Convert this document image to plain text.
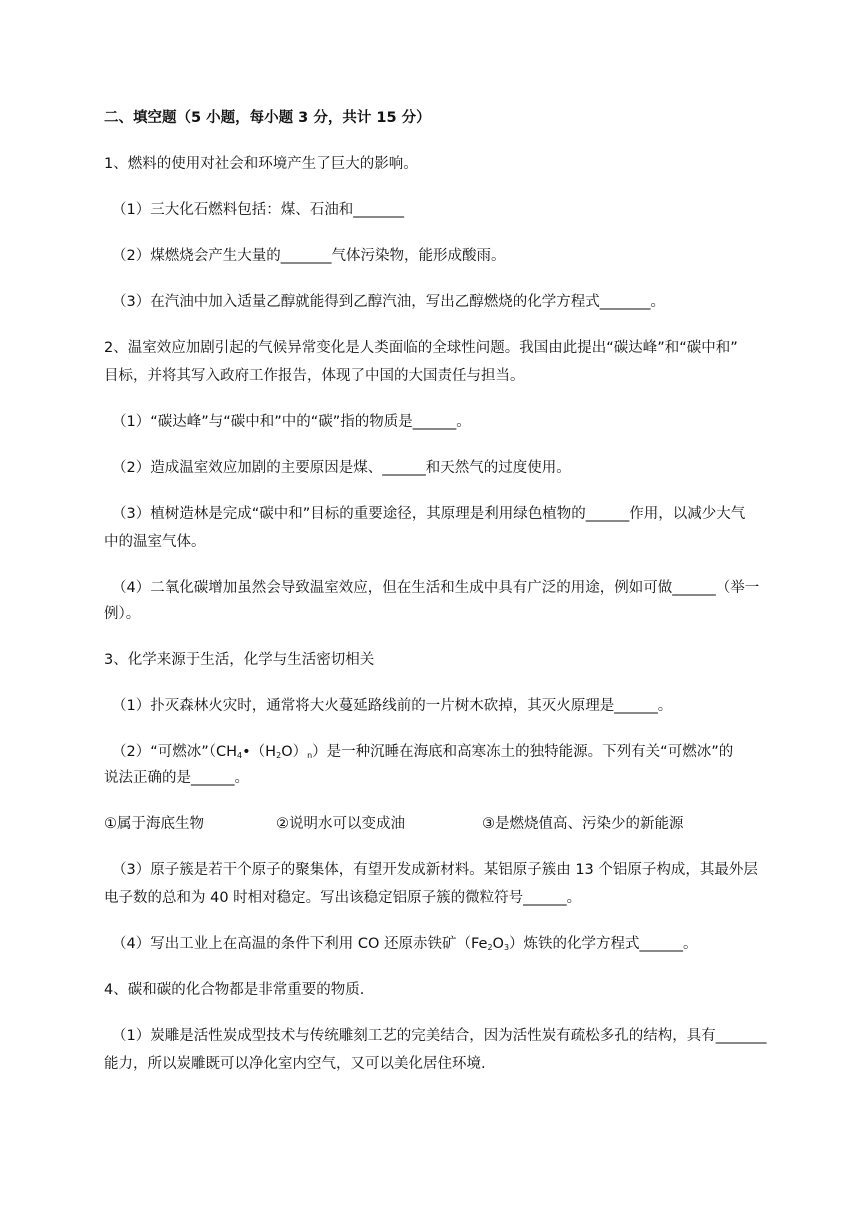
二、填空题（5 小题，每小题 3 分，共计 15 分）
1、燃料的使用对社会和环境产生了巨大的影响。
（1）三大化石燃料包括：煤、石油和_______
（2）煤燃烧会产生大量的_______气体污染物，能形成酸雨。
（3）在汽油中加入适量乙醇就能得到乙醇汽油，写出乙醇燃烧的化学方程式_______。
2、温室效应加剧引起的气候异常变化是人类面临的全球性问题。我国由此提出“碳达峰”和“碳中和”
目标，并将其写入政府工作报告，体现了中国的大国责任与担当。
（1）“碳达峰”与“碳中和”中的“碳”指的物质是______。
（2）造成温室效应加剧的主要原因是煤、______和天然气的过度使用。
（3）植树造林是完成“碳中和”目标的重要途径，其原理是利用绿色植物的______作用，以减少大气
中的温室气体。
（4）二氧化碳增加虽然会导致温室效应，但在生活和生成中具有广泛的用途，例如可做______（举一
例）。
3、化学来源于生活，化学与生活密切相关
（1）扑灭森林火灾时，通常将大火蔓延路线前的一片树木砍掉，其灭火原理是______。
（2）“可燃冰$”(CH_4•(H_2O)_n)$是一种沉睡在海底和高寒冻土的独特能源。下列有关“可燃冰”的
说法正确的是______。
①属于海底生物	②说明水可以变成油	③是燃烧值高、污染少的新能源
（3）原子簇是若干个原子的聚集体，有望开发成新材料。某铝原子簇由 13 个铝原子构成，其最外层
电子数的总和为 40 时相对稳定。写出该稳定铝原子簇的微粒符号______。
（4）写出工业上在高温的条件下利用 CO 还原赤铁矿$(Fe_2O_3)$炼铁的化学方程式______。
4、碳和碳的化合物都是非常重要的物质.
（1）炭雕是活性炭成型技术与传统雕刻工艺的完美结合，因为活性炭有疏松多孔的结构，具有_______
能力，所以炭雕既可以净化室内空气，又可以美化居住环境.
